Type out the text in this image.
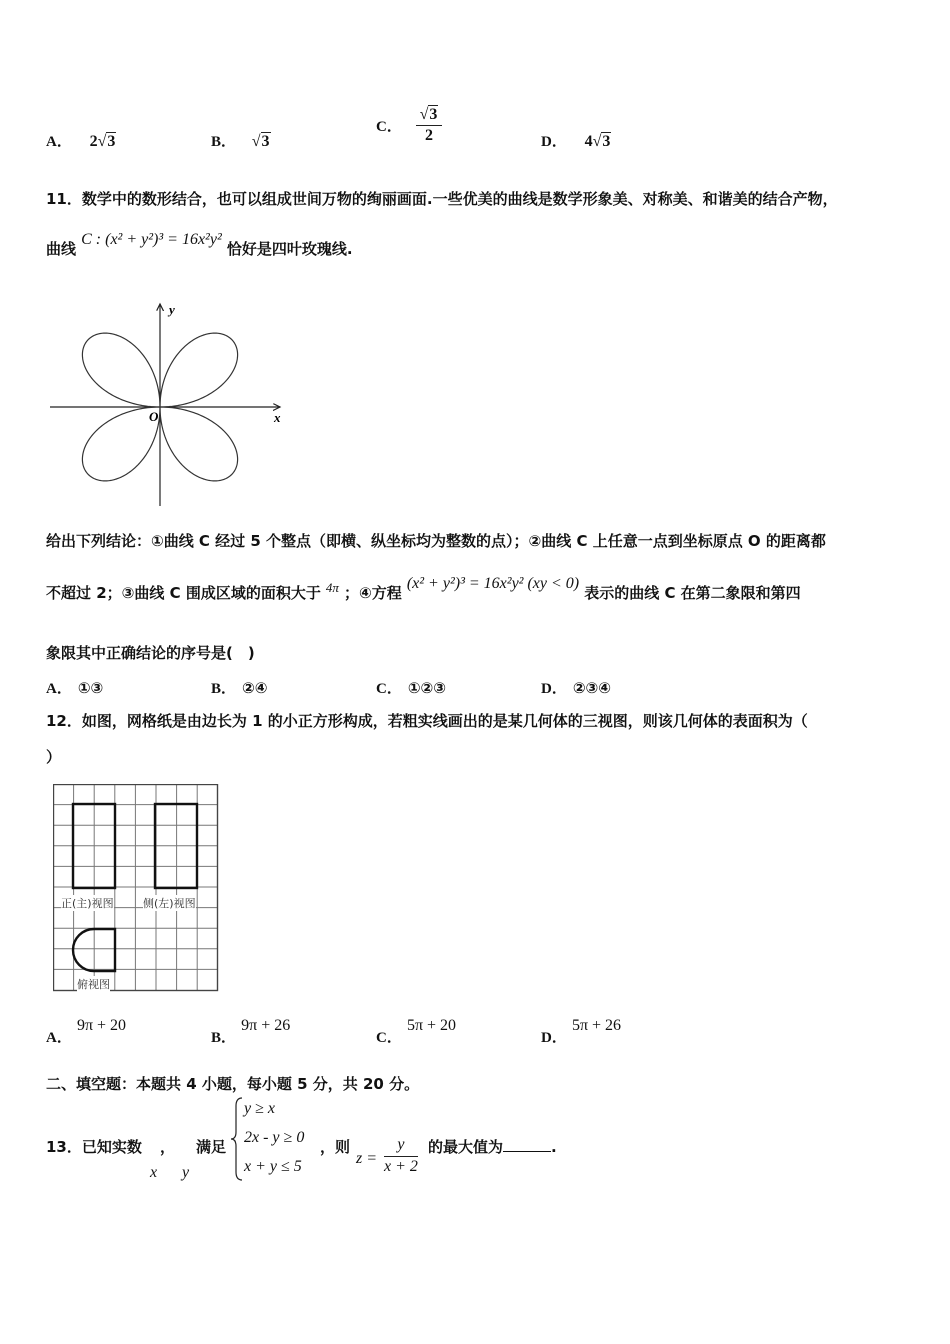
A． 2√3	B． √3
C． $\frac{√3}{2}$	D． 4√3
11．数学中的数形结合，也可以组成世间万物的绚丽画面.一些优美的曲线是数学形象美、对称美、和谐美的结合产物，
曲线 C : (x² + y²)³ = 16x²y² 恰好是四叶玫瑰线.
y
x
O
给出下列结论：①曲线 C 经过 5 个整点（即横、纵坐标均为整数的点）；②曲线 C 上任意一点到坐标原点 O 的距离都
不超过 2；③曲线 C 围成区域的面积大于 $^{4\pi}$ ；④方程 (x² + y²)³ = 16x²y² (xy < 0) 表示的曲线 C 在第二象限和第四
象限其中正确结论的序号是(　)
A． ①③	B． ②④	C． ①②③	D． ②③④
12．如图，网格纸是由边长为 1 的小正方形构成，若粗实线画出的是某几何体的三视图，则该几何体的表面积为（
）
正(主)视图	侧(左)视图
俯视图
A． 9π + 20
B． 9π + 26
C． 5π + 20
D． 5π + 26
二、填空题：本题共 4 小题，每小题 5 分，共 20 分。
13．已知实数 ， 满足
x y
y ≥ x
2x - y ≥ 0
x + y ≤ 5
，则
$z = \frac{y}{x + 2}$ 的最大值为	.
